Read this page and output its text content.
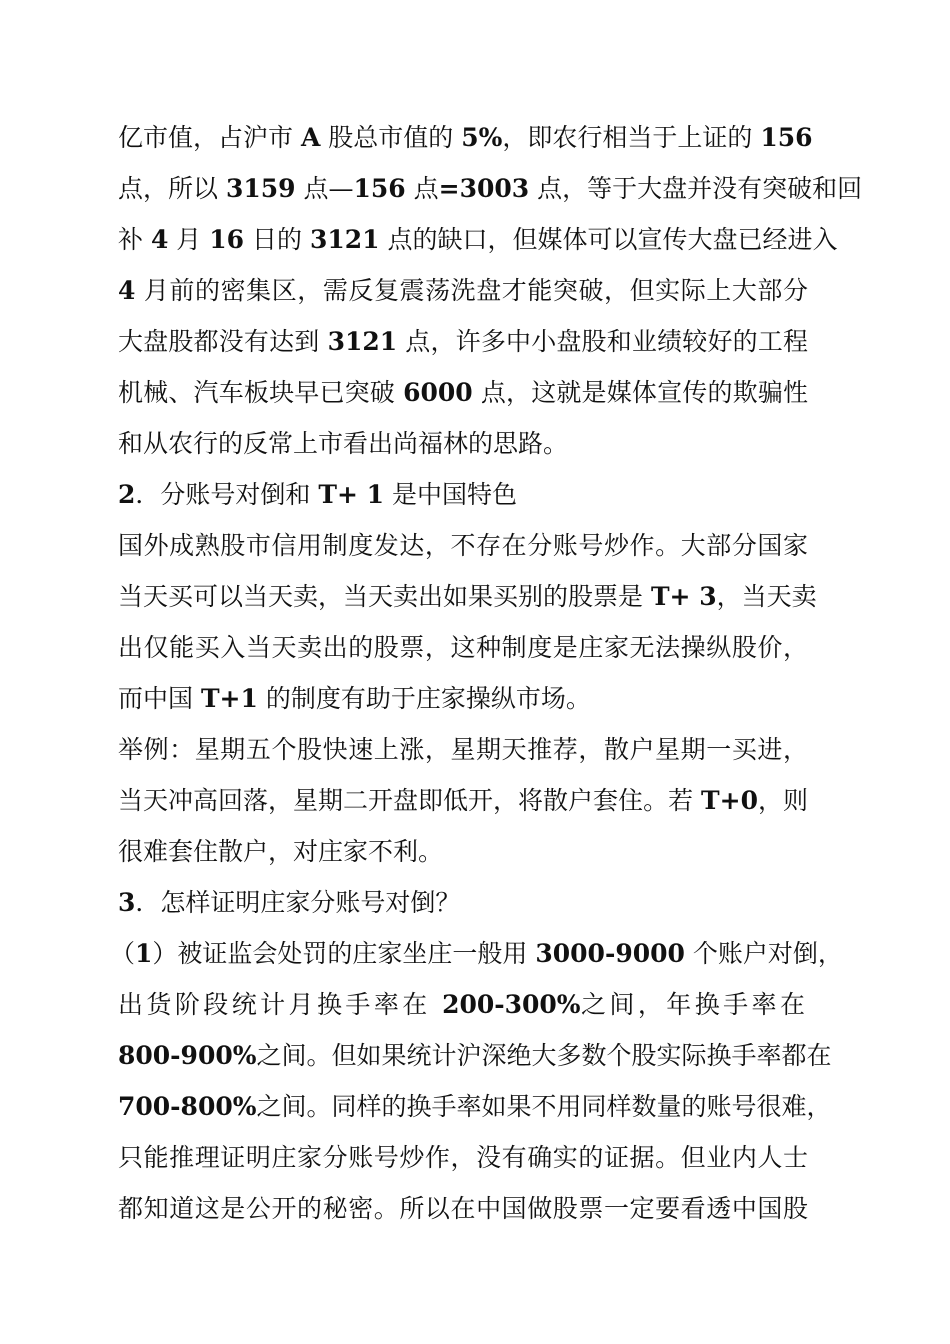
亿市值，占沪市 A 股总市值的 5%，即农行相当于上证的 156
点，所以 3159 点—156 点=3003 点，等于大盘并没有突破和回
补 4 月 16 日的 3121 点的缺口，但媒体可以宣传大盘已经进入
4 月前的密集区，需反复震荡洗盘才能突破，但实际上大部分
大盘股都没有达到 3121 点，许多中小盘股和业绩较好的工程
机械、汽车板块早已突破 6000 点，这就是媒体宣传的欺骗性
和从农行的反常上市看出尚福林的思路。
2．分账号对倒和 T+ 1 是中国特色
国外成熟股市信用制度发达，不存在分账号炒作。大部分国家
当天买可以当天卖，当天卖出如果买别的股票是 T+ 3，当天卖
出仅能买入当天卖出的股票，这种制度是庄家无法操纵股价，
而中国 T+1 的制度有助于庄家操纵市场。
举例：星期五个股快速上涨，星期天推荐，散户星期一买进，
当天冲高回落，星期二开盘即低开，将散户套住。若 T+0，则
很难套住散户，对庄家不利。
3．怎样证明庄家分账号对倒？
（1）被证监会处罚的庄家坐庄一般用 3000-9000 个账户对倒，
出货阶段统计月换手率在 200-300%之间，年换手率在
800-900%之间。但如果统计沪深绝大多数个股实际换手率都在
700-800%之间。同样的换手率如果不用同样数量的账号很难，
只能推理证明庄家分账号炒作，没有确实的证据。但业内人士
都知道这是公开的秘密。所以在中国做股票一定要看透中国股
